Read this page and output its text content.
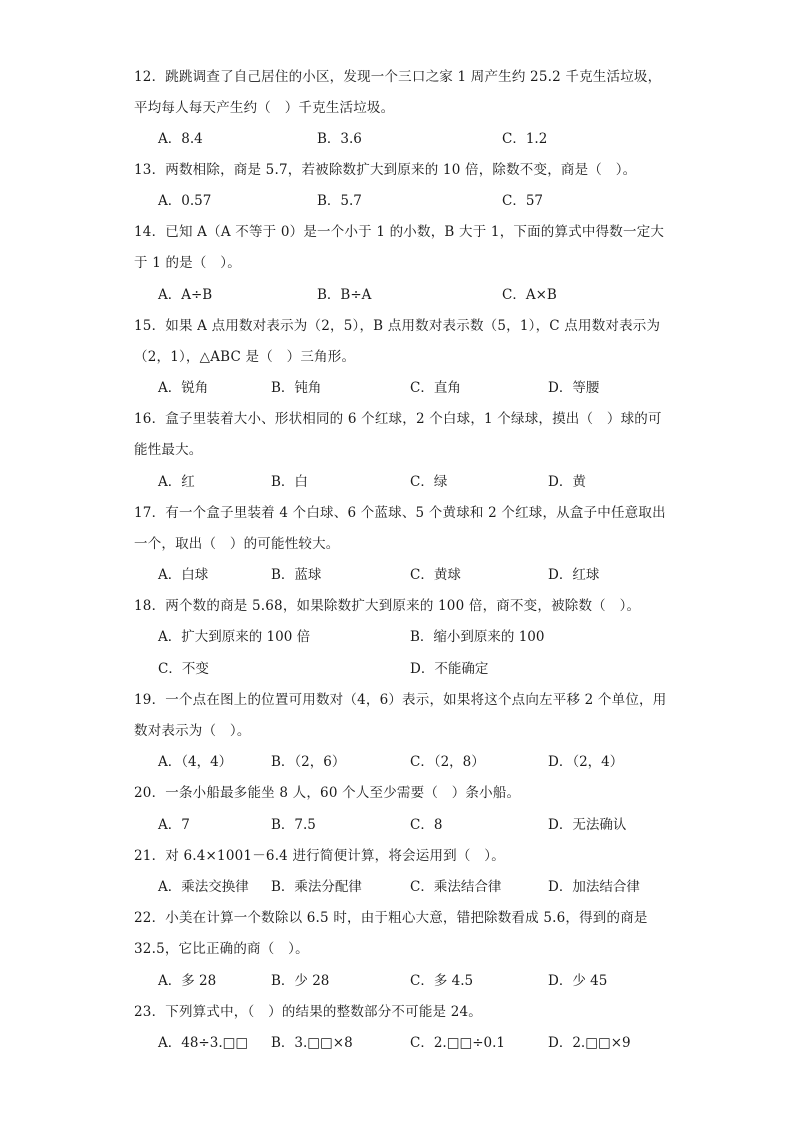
12．跳跳调查了自己居住的小区，发现一个三口之家 1 周产生约 25.2 千克生活垃圾，
平均每人每天产生约（　）千克生活垃圾。
A．8.4	B．3.6	C．1.2
13．两数相除，商是 5.7，若被除数扩大到原来的 10 倍，除数不变，商是（　）。
A．0.57	B．5.7	C．57
14．已知 A（A 不等于 0）是一个小于 1 的小数，B 大于 1，下面的算式中得数一定大
于 1 的是（　）。
A．A÷B	B．B÷A	C．A×B
15．如果 A 点用数对表示为（2，5），B 点用数对表示数（5，1），C 点用数对表示为
（2，1），△ABC 是（　）三角形。
A．锐角	B．钝角	C．直角	D．等腰
16．盒子里装着大小、形状相同的 6 个红球，2 个白球，1 个绿球，摸出（　）球的可
能性最大。
A．红	B．白	C．绿	D．黄
17．有一个盒子里装着 4 个白球、6 个蓝球、5 个黄球和 2 个红球，从盒子中任意取出
一个，取出（　）的可能性较大。
A．白球	B．蓝球	C．黄球	D．红球
18．两个数的商是 5.68，如果除数扩大到原来的 100 倍，商不变，被除数（　）。
A．扩大到原来的 100 倍	B．缩小到原来的 100
C．不变	D．不能确定
19．一个点在图上的位置可用数对（4，6）表示，如果将这个点向左平移 2 个单位，用
数对表示为（　）。
A．（4，4）	B．（2，6）	C．（2，8）	D．（2，4）
20．一条小船最多能坐 8 人，60 个人至少需要（　）条小船。
A．7	B．7.5	C．8	D．无法确认
21．对 6.4×1001－6.4 进行简便计算，将会运用到（　）。
A．乘法交换律 B．乘法分配律	C．乘法结合律	D．加法结合律
22．小美在计算一个数除以 6.5 时，由于粗心大意，错把除数看成 5.6，得到的商是
32.5，它比正确的商（　）。
A．多 28	B．少 28	C．多 4.5	D．少 45
23．下列算式中，（　）的结果的整数部分不可能是 24。
A．48÷3.□□ B．3.□□×8	C．2.□□÷0.1	D．2.□□×9
